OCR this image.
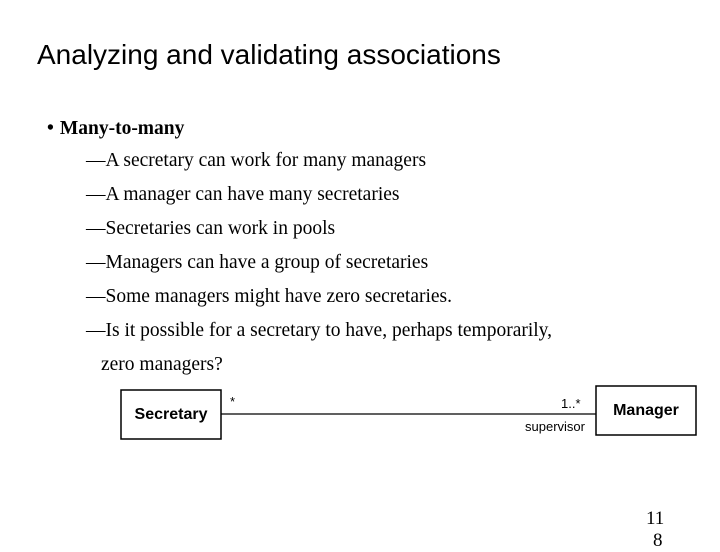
Analyzing and validating associations
• Many-to-many
—A secretary can work for many managers
—A manager can have many secretaries
—Secretaries can work in pools
—Managers can have a group of secretaries
—Some managers might have zero secretaries.
—Is it possible for a secretary to have, perhaps temporarily,
zero managers?
Secretary	Manager
*	1..*
supervisor
11
8
